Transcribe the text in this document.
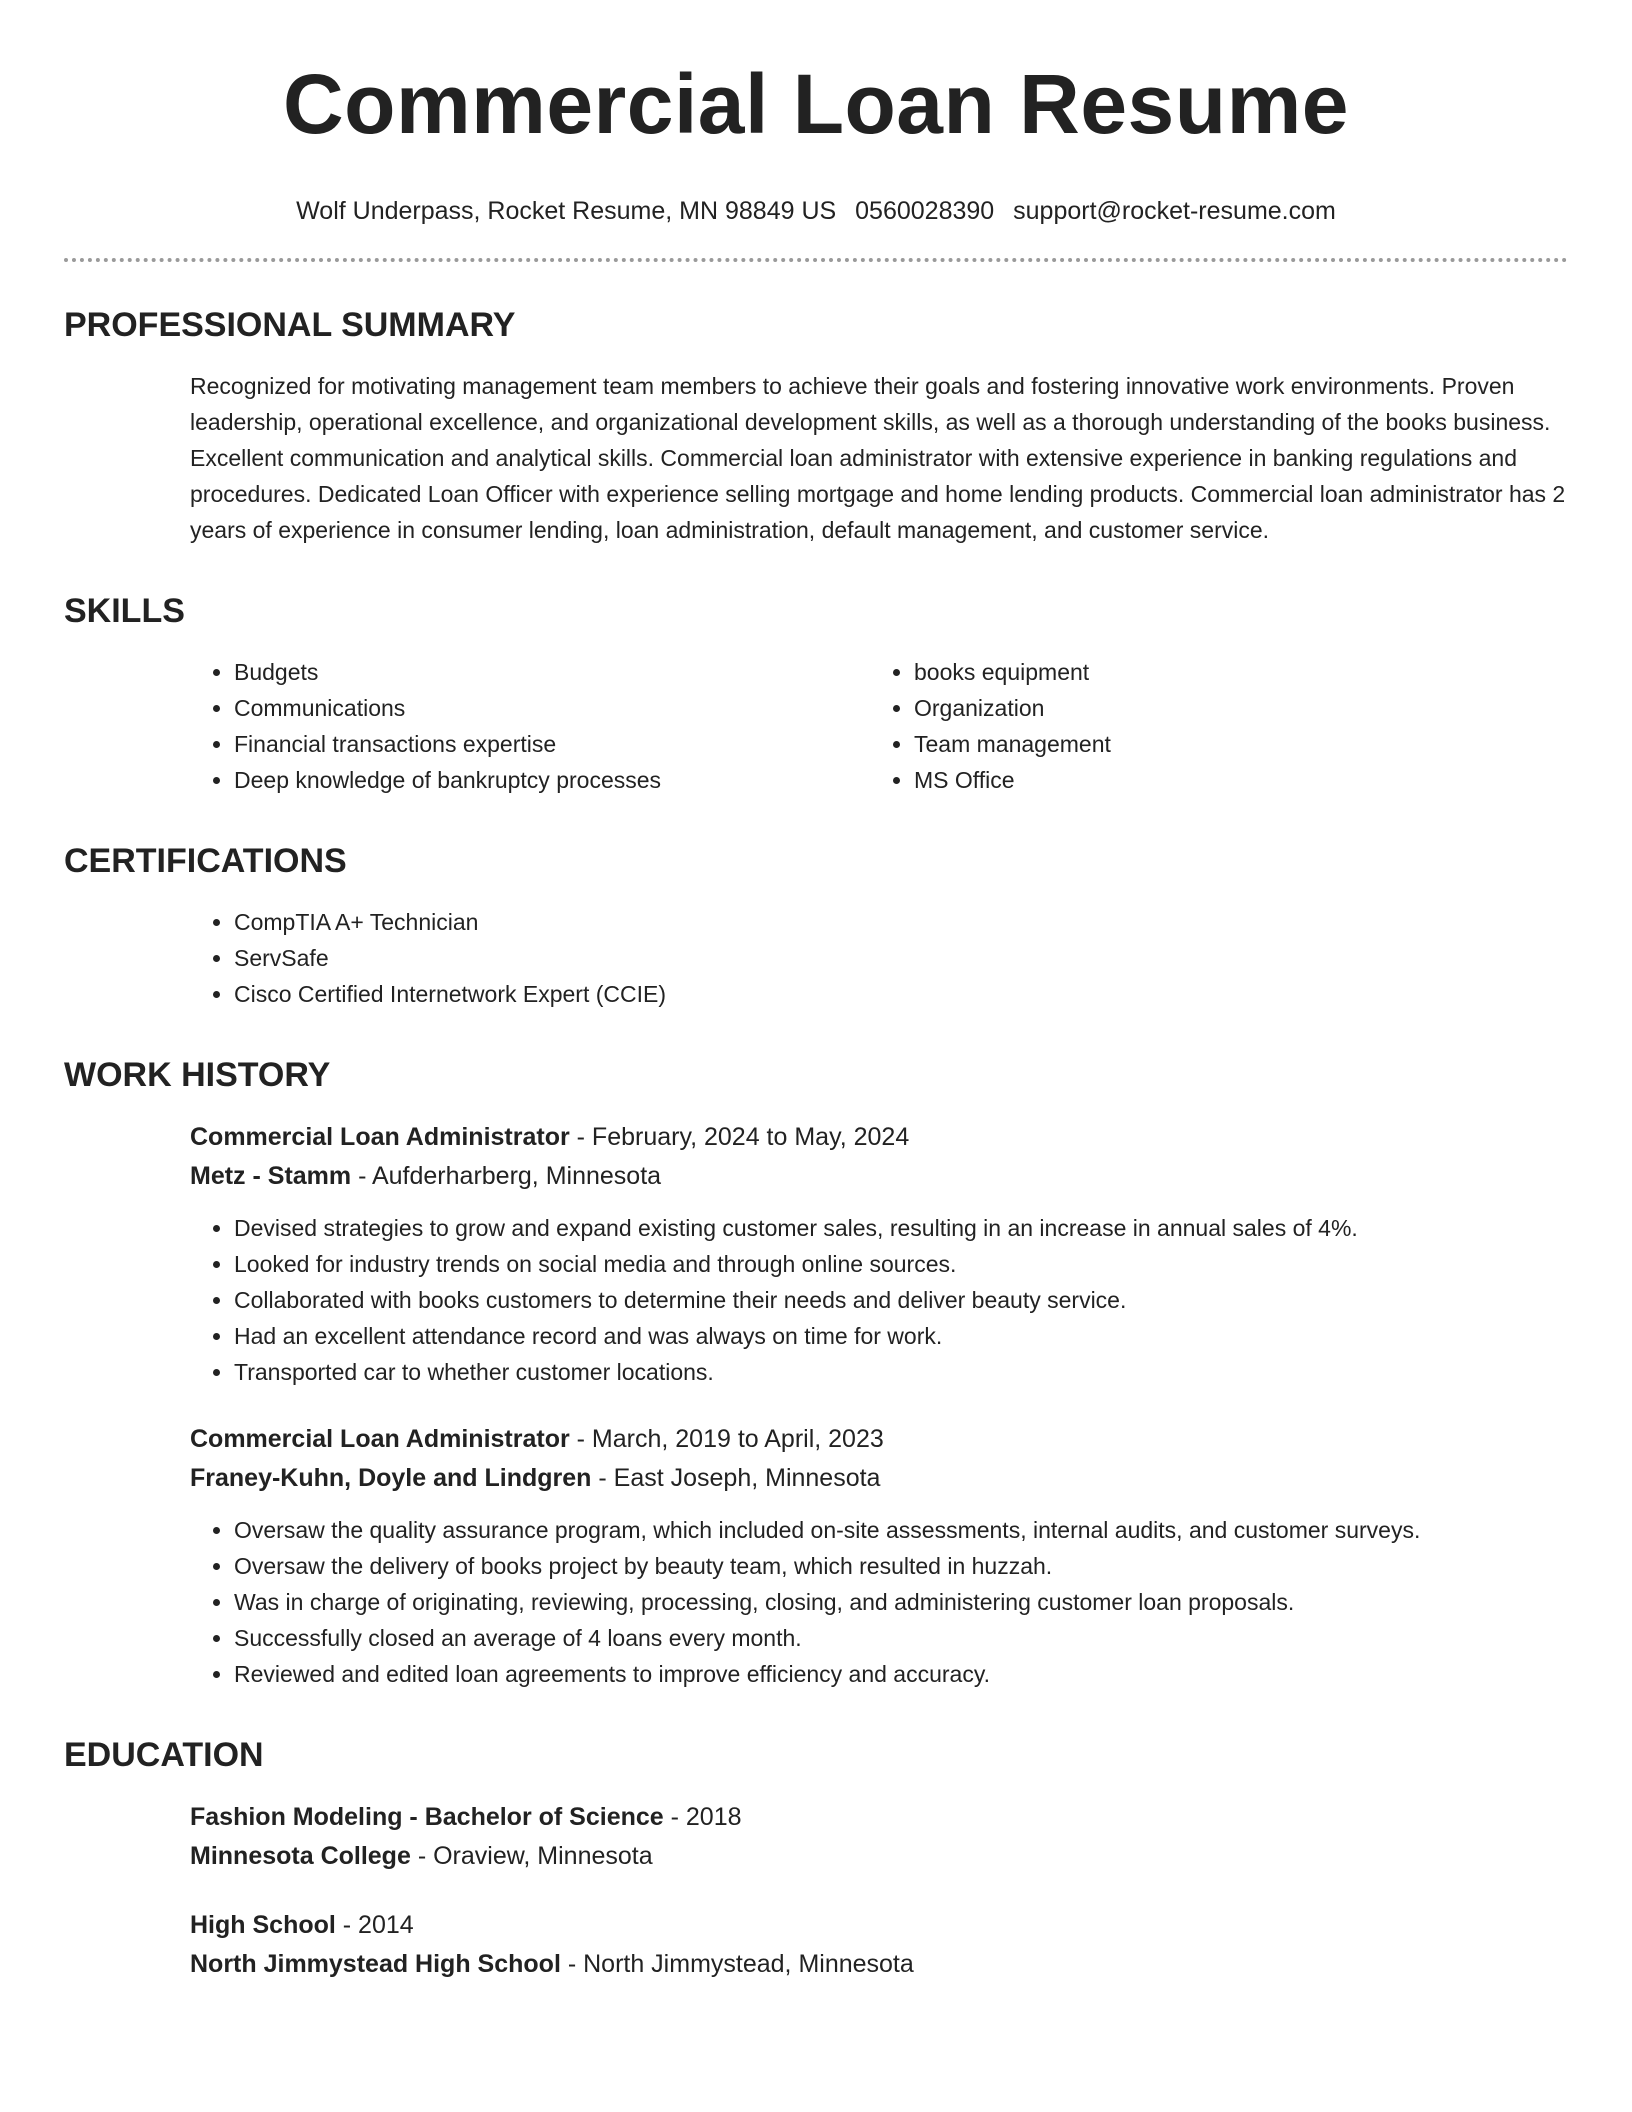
Commercial Loan Resume
Wolf Underpass, Rocket Resume, MN 98849 US 0560028390 support@rocket-resume.com
PROFESSIONAL SUMMARY
Recognized for motivating management team members to achieve their goals and fostering innovative work environments. Proven leadership, operational excellence, and organizational development skills, as well as a thorough understanding of the books business. Excellent communication and analytical skills. Commercial loan administrator with extensive experience in banking regulations and procedures. Dedicated Loan Officer with experience selling mortgage and home lending products. Commercial loan administrator has 2 years of experience in consumer lending, loan administration, default management, and customer service.
SKILLS
• Budgets
• Communications
• Financial transactions expertise
• Deep knowledge of bankruptcy processes
• books equipment
• Organization
• Team management
• MS Office
CERTIFICATIONS
• CompTIA A+ Technician
• ServSafe
• Cisco Certified Internetwork Expert (CCIE)
WORK HISTORY
Commercial Loan Administrator - February, 2024 to May, 2024
Metz - Stamm - Aufderharberg, Minnesota
• Devised strategies to grow and expand existing customer sales, resulting in an increase in annual sales of 4%.
• Looked for industry trends on social media and through online sources.
• Collaborated with books customers to determine their needs and deliver beauty service.
• Had an excellent attendance record and was always on time for work.
• Transported car to whether customer locations.
Commercial Loan Administrator - March, 2019 to April, 2023
Franey-Kuhn, Doyle and Lindgren - East Joseph, Minnesota
• Oversaw the quality assurance program, which included on-site assessments, internal audits, and customer surveys.
• Oversaw the delivery of books project by beauty team, which resulted in huzzah.
• Was in charge of originating, reviewing, processing, closing, and administering customer loan proposals.
• Successfully closed an average of 4 loans every month.
• Reviewed and edited loan agreements to improve efficiency and accuracy.
EDUCATION
Fashion Modeling - Bachelor of Science - 2018
Minnesota College - Oraview, Minnesota
High School - 2014
North Jimmystead High School - North Jimmystead, Minnesota
